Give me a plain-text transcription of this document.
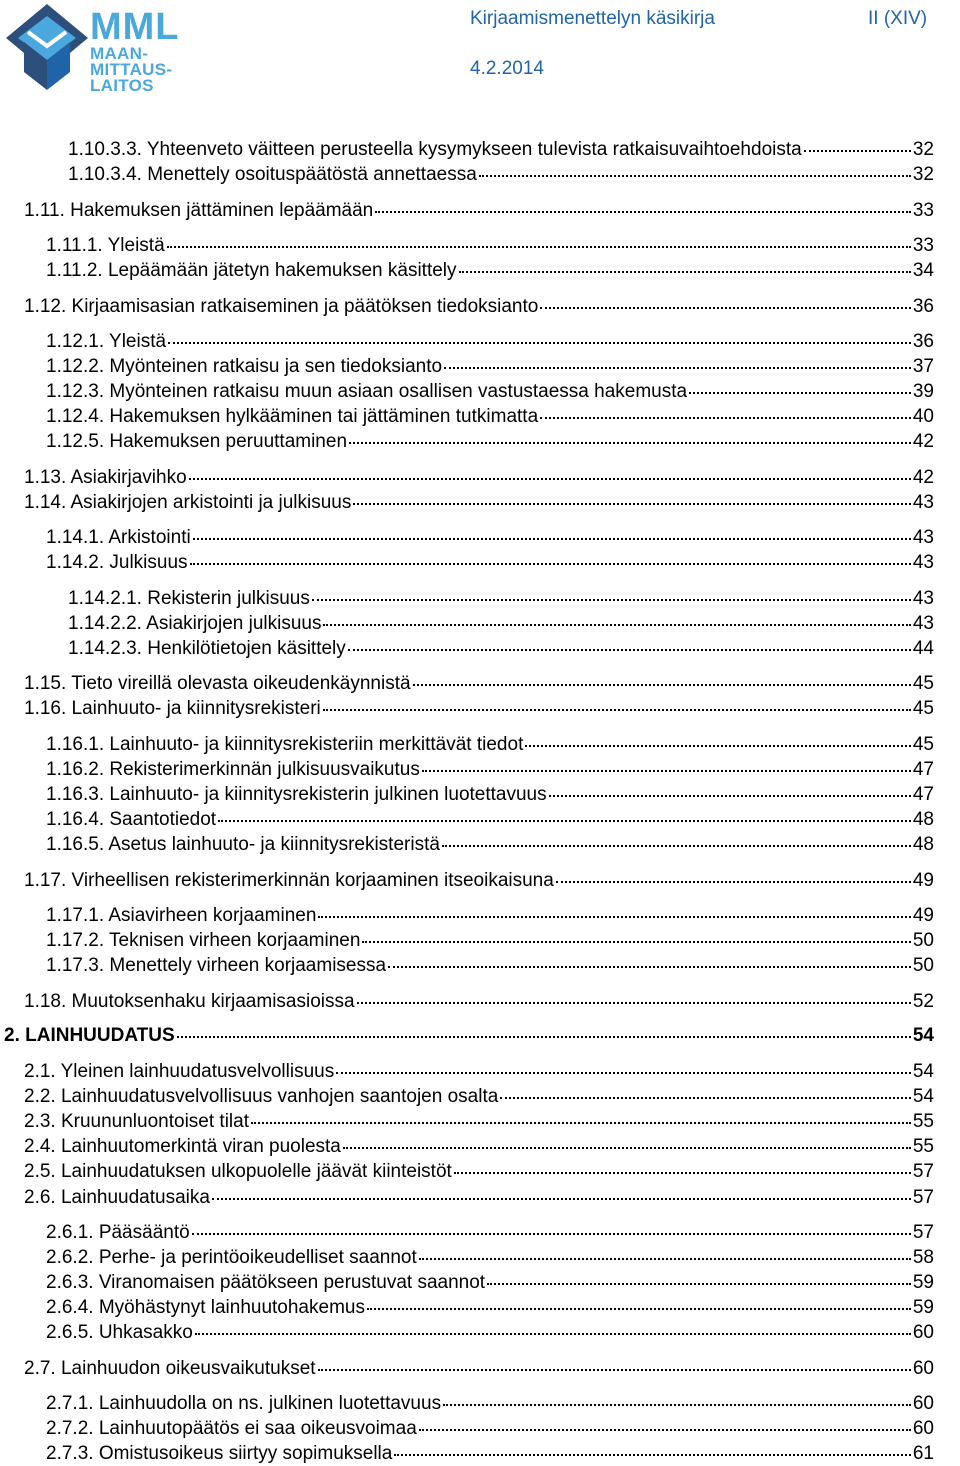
MML
MAAN-
MITTAUS-
LAITOS
Kirjaamismenettelyn käsikirja	II (XIV)
4.2.2014
1.10.3.3. Yhteenveto väitteen perusteella kysymykseen tulevista ratkaisuvaihtoehdoista	32
1.10.3.4. Menettely osoituspäätöstä annettaessa	32
1.11. Hakemuksen jättäminen lepäämään	33
1.11.1. Yleistä	33
1.11.2. Lepäämään jätetyn hakemuksen käsittely	34
1.12. Kirjaamisasian ratkaiseminen ja päätöksen tiedoksianto	36
1.12.1. Yleistä	36
1.12.2. Myönteinen ratkaisu ja sen tiedoksianto	37
1.12.3. Myönteinen ratkaisu muun asiaan osallisen vastustaessa hakemusta	39
1.12.4. Hakemuksen hylkääminen tai jättäminen tutkimatta	40
1.12.5. Hakemuksen peruuttaminen	42
1.13. Asiakirjavihko	42
1.14. Asiakirjojen arkistointi ja julkisuus	43
1.14.1. Arkistointi	43
1.14.2. Julkisuus	43
1.14.2.1. Rekisterin julkisuus	43
1.14.2.2. Asiakirjojen julkisuus	43
1.14.2.3. Henkilötietojen käsittely	44
1.15. Tieto vireillä olevasta oikeudenkäynnistä	45
1.16. Lainhuuto- ja kiinnitysrekisteri	45
1.16.1. Lainhuuto- ja kiinnitysrekisteriin merkittävät tiedot	45
1.16.2. Rekisterimerkinnän julkisuusvaikutus	47
1.16.3. Lainhuuto- ja kiinnitysrekisterin julkinen luotettavuus	47
1.16.4. Saantotiedot	48
1.16.5. Asetus lainhuuto- ja kiinnitysrekisteristä	48
1.17. Virheellisen rekisterimerkinnän korjaaminen itseoikaisuna	49
1.17.1. Asiavirheen korjaaminen	49
1.17.2. Teknisen virheen korjaaminen	50
1.17.3. Menettely virheen korjaamisessa	50
1.18. Muutoksenhaku kirjaamisasioissa	52
2. LAINHUUDATUS	54
2.1. Yleinen lainhuudatusvelvollisuus	54
2.2. Lainhuudatusvelvollisuus vanhojen saantojen osalta	54
2.3. Kruununluontoiset tilat	55
2.4. Lainhuutomerkintä viran puolesta	55
2.5. Lainhuudatuksen ulkopuolelle jäävät kiinteistöt	57
2.6. Lainhuudatusaika	57
2.6.1. Pääsääntö	57
2.6.2. Perhe- ja perintöoikeudelliset saannot	58
2.6.3. Viranomaisen päätökseen perustuvat saannot	59
2.6.4. Myöhästynyt lainhuutohakemus	59
2.6.5. Uhkasakko	60
2.7. Lainhuudon oikeusvaikutukset	60
2.7.1. Lainhuudolla on ns. julkinen luotettavuus	60
2.7.2. Lainhuutopäätös ei saa oikeusvoimaa	60
2.7.3. Omistusoikeus siirtyy sopimuksella	61
